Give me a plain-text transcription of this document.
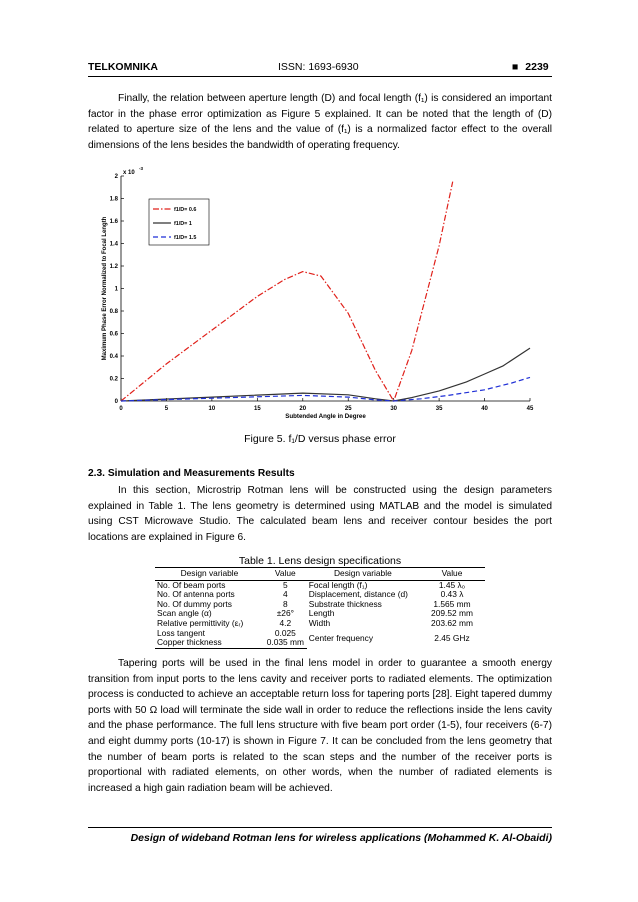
TELKOMNIKA	ISSN: 1693-6930	■ 2239

Finally, the relation between aperture length (D) and focal length (f₁) is considered an important factor in the phase error optimization as Figure 5 explained. It can be noted that the length of (D) related to aperture size of the lens and the value of (f₁) is a normalized factor effect to the overall dimensions of the lens besides the bandwidth of operating frequency.

0	5	10	15	20	25	30	35	40	45
0
0.2
0.4
0.6
0.8
1
1.2
1.4
1.6
1.8
2
Subtended Angle in Degree
Maximum Phase Error Normalized to Focal Length
x 10
-3
f1/D= 0.6
f1/D= 1
f1/D= 1.5
Figure 5. f₁/D versus phase error
2.3. Simulation and Measurements Results

In this section, Microstrip Rotman lens will be constructed using the design parameters explained in Table 1. The lens geometry is determined using MATLAB and the model is simulated using CST Microwave Studio. The calculated beam lens and receiver contour besides the port locations are explained in Figure 6.

Table 1. Lens design specifications
Design variable	Value	Design variable	Value
No. Of beam ports	5	Focal length (f₁)	1.45 λ₀
No. Of antenna ports	4	Displacement, distance (d)	0.43 λ
No. Of dummy ports	8	Substrate thickness	1.565 mm
Scan angle (α)	±26°	Length	209.52 mm
Relative permittivity (εᵣ)	4.2	Width	203.62 mm
Loss tangent	0.025	Center frequency	2.45 GHz
Copper thickness	0.035 mm		

Tapering ports will be used in the final lens model in order to guarantee a smooth energy transition from input ports to the lens cavity and receiver ports to radiated elements. The optimization process is conducted to achieve an acceptable return loss for tapering ports [28]. Eight tapered dummy ports with 50 Ω load will terminate the side wall in order to reduce the reflections inside the lens cavity and the phase performance. The full lens structure with five beam port order (1-5), four receivers (6-7) and eight dummy ports (10-17) is shown in Figure 7. It can be concluded from the lens geometry that the number of beam ports is related to the scan steps and the number of the receiver ports is proportional with radiated elements, on other words, when the number of radiated elements is increased a high gain radiation beam will be achieved.

Design of wideband Rotman lens for wireless applications (Mohammed K. Al-Obaidi)
